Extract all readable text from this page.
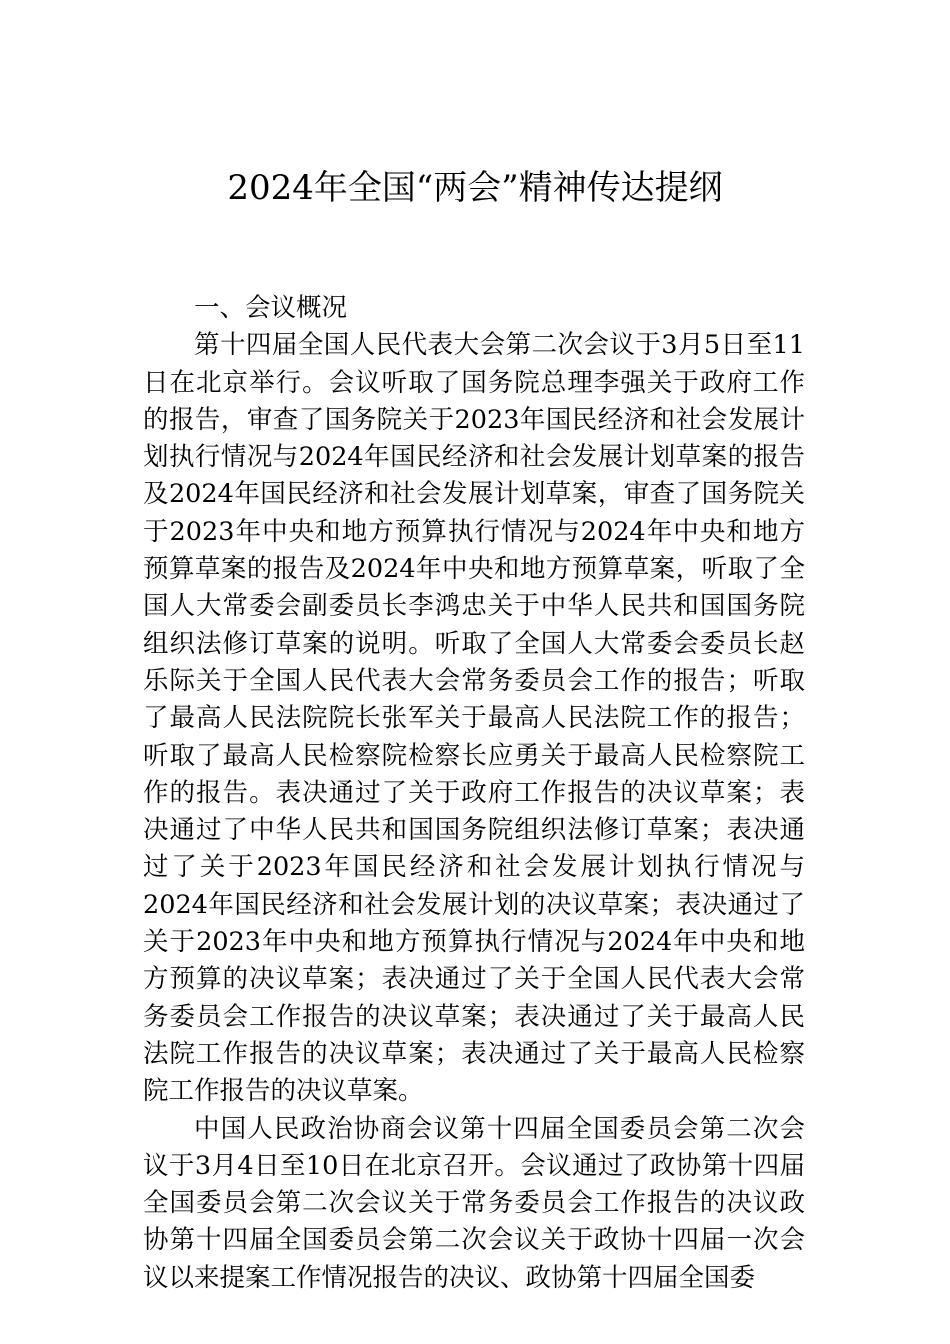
2024年全国“两会”精神传达提纲
一、会议概况

第十四届全国人民代表大会第二次会议于3月5日至11日在北京举行。会议听取了国务院总理李强关于政府工作的报告，审查了国务院关于2023年国民经济和社会发展计划执行情况与2024年国民经济和社会发展计划草案的报告及2024年国民经济和社会发展计划草案，审查了国务院关于2023年中央和地方预算执行情况与2024年中央和地方预算草案的报告及2024年中央和地方预算草案，听取了全国人大常委会副委员长李鸿忠关于中华人民共和国国务院组织法修订草案的说明。听取了全国人大常委会委员长赵乐际关于全国人民代表大会常务委员会工作的报告；听取了最高人民法院院长张军关于最高人民法院工作的报告；听取了最高人民检察院检察长应勇关于最高人民检察院工作的报告。表决通过了关于政府工作报告的决议草案；表决通过了中华人民共和国国务院组织法修订草案；表决通过了关于2023年国民经济和社会发展计划执行情况与2024年国民经济和社会发展计划的决议草案；表决通过了关于2023年中央和地方预算执行情况与2024年中央和地方预算的决议草案；表决通过了关于全国人民代表大会常务委员会工作报告的决议草案；表决通过了关于最高人民法院工作报告的决议草案；表决通过了关于最高人民检察院工作报告的决议草案。

中国人民政治协商会议第十四届全国委员会第二次会议于3月4日至10日在北京召开。会议通过了政协第十四届全国委员会第二次会议关于常务委员会工作报告的决议政协第十四届全国委员会第二次会议关于政协十四届一次会议以来提案工作情况报告的决议、政协第十四届全国委
